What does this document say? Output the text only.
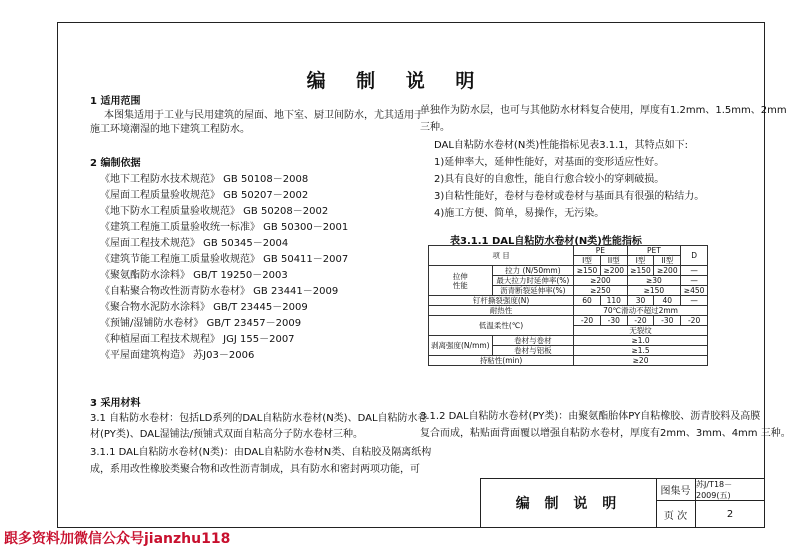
编 制 说 明
1 适用范围
本图集适用于工业与民用建筑的屋面、地下室、厨卫间防水，尤其适用于
施工环境潮湿的地下建筑工程防水。
2 编制依据
《地下工程防水技术规范》 GB 50108－2008
《屋面工程质量验收规范》 GB 50207－2002
《地下防水工程质量验收规范》 GB 50208－2002
《建筑工程施工质量验收统一标准》 GB 50300－2001
《屋面工程技术规范》 GB 50345－2004
《建筑节能工程施工质量验收规范》 GB 50411－2007
《聚氨酯防水涂料》 GB/T 19250－2003
《自粘聚合物改性沥青防水卷材》 GB 23441－2009
《聚合物水泥防水涂料》 GB/T 23445－2009
《预铺/湿铺防水卷材》 GB/T 23457－2009
《种植屋面工程技术规程》 JGJ 155－2007
《平屋面建筑构造》 苏J03－2006
3 采用材料
3.1 自粘防水卷材：包括LD系列的DAL自粘防水卷材(N类)、DAL自粘防水卷
材(PY类)、DAL湿铺法/预铺式双面自粘高分子防水卷材三种。
3.1.1 DAL自粘防水卷材(N类)：由DAL自粘防水卷材N类、自粘胶及隔离纸构
成，系用改性橡胶类聚合物和改性沥青制成，具有防水和密封两项功能，可
单独作为防水层，也可与其他防水材料复合使用，厚度有1.2mm、1.5mm、2mm
三种。
DAL自粘防水卷材(N类)性能指标见表3.1.1，其特点如下:
1)延伸率大，延伸性能好，对基面的变形适应性好。
2)具有良好的自愈性，能自行愈合较小的穿刺破损。
3)自粘性能好，卷材与卷材或卷材与基面具有很强的粘结力。
4)施工方便、简单，易操作，无污染。
表3.1.1 DAL自粘防水卷材(N类)性能指标
项 目		PE		PET		D
		I型	II型	I型	II型	
拉伸
性能	拉力 (N/50mm)	≥150	≥200	≥150	≥200	—
	最大拉力时延伸率(%)	≥200		≥30		—
	沥青断裂延伸率(%)	≥250		≥150		≥450
钉杆撕裂强度(N)		60	110	30	40	—
耐热性		70℃滑动不超过2mm				
低温柔性(℃)		-20	-30	-20	-30	-20
		无裂纹				
剥离强度(N/mm)	卷材与卷材	≥1.0				
	卷材与铝板	≥1.5				
持粘性(min)		≥20				
3.1.2 DAL自粘防水卷材(PY类)：由聚氨酯胎体PY自粘橡胶、沥青胶料及高膜
复合而成，粘贴面背面覆以增强自粘防水卷材，厚度有2mm、3mm、4mm 三种。
编 制 说 明
图集号
苏J/T18－2009(五)
页 次	2
跟多资料加微信公众号jianzhu118
